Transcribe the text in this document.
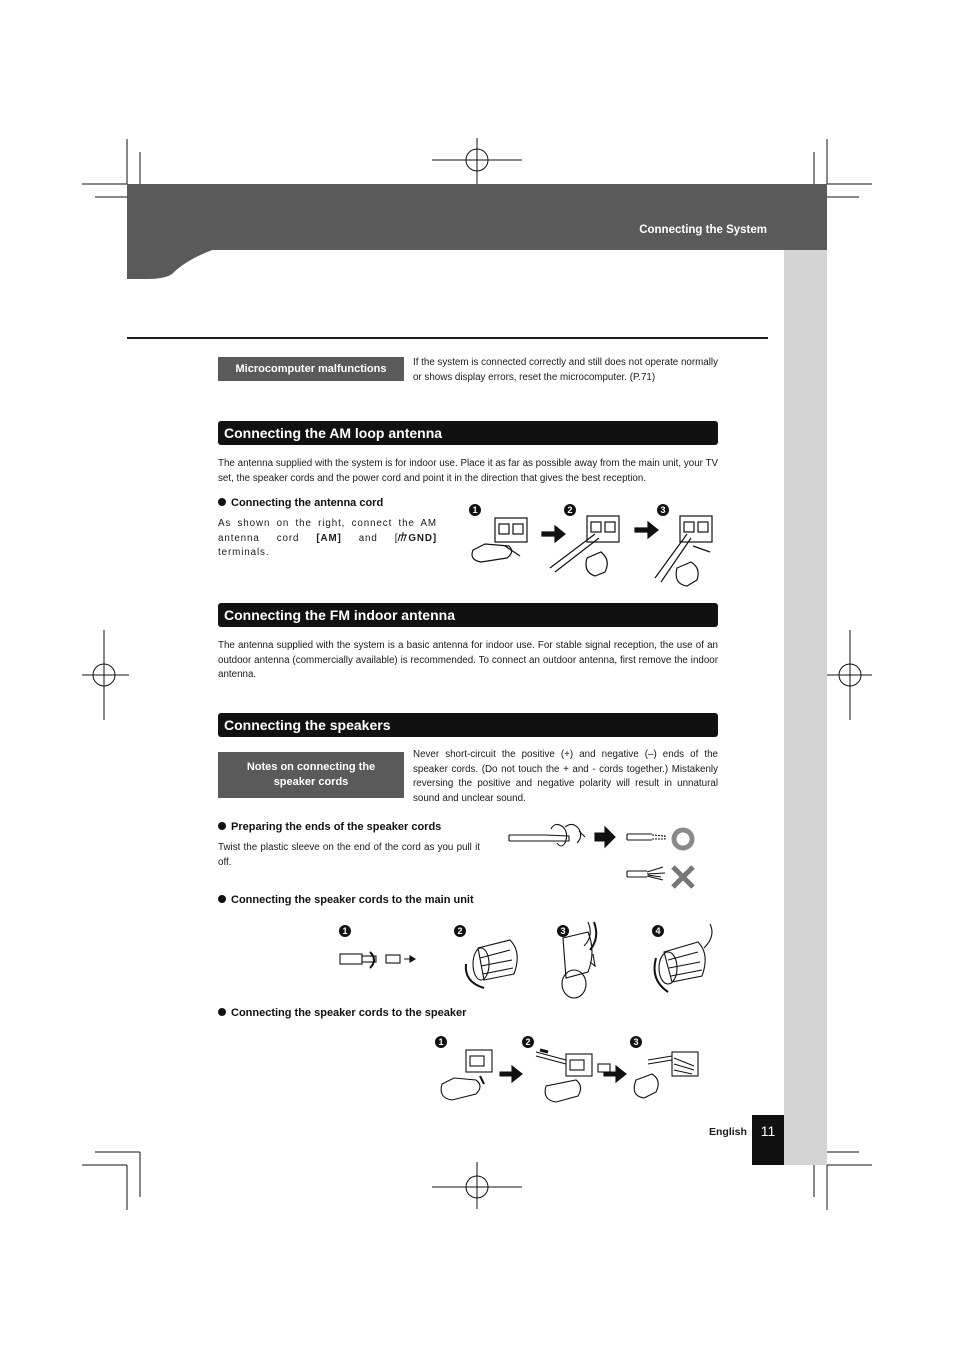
Connecting the System
Microcomputer malfunctions
If the system is connected correctly and still does not operate normally or shows display errors, reset the microcomputer. (P.71)
Connecting the AM loop antenna
The antenna supplied with the system is for indoor use. Place it as far as possible away from the main unit, your TV set, the speaker cords and the power cord and point it in the direction that gives the best reception.
Connecting the antenna cord
As shown on the right, connect the AM antenna cord [AM] and [ GND] terminals.
1	2	3
Connecting the FM indoor antenna
The antenna supplied with the system is a basic antenna for indoor use. For stable signal reception, the use of an outdoor antenna (commercially available) is recommended. To connect an outdoor antenna, first remove the indoor antenna.
Connecting the speakers
Notes on connecting the speaker cords
Never short-circuit the positive (+) and negative (–) ends of the speaker cords. (Do not touch the + and - cords together.) Mistakenly reversing the positive and negative polarity will result in unnatural sound and unclear sound.
Preparing the ends of the speaker cords
Twist the plastic sleeve on the end of the cord as you pull it off.
Connecting the speaker cords to the main unit
1	2	3	4
Connecting the speaker cords to the speaker
1	2	3
English 11
